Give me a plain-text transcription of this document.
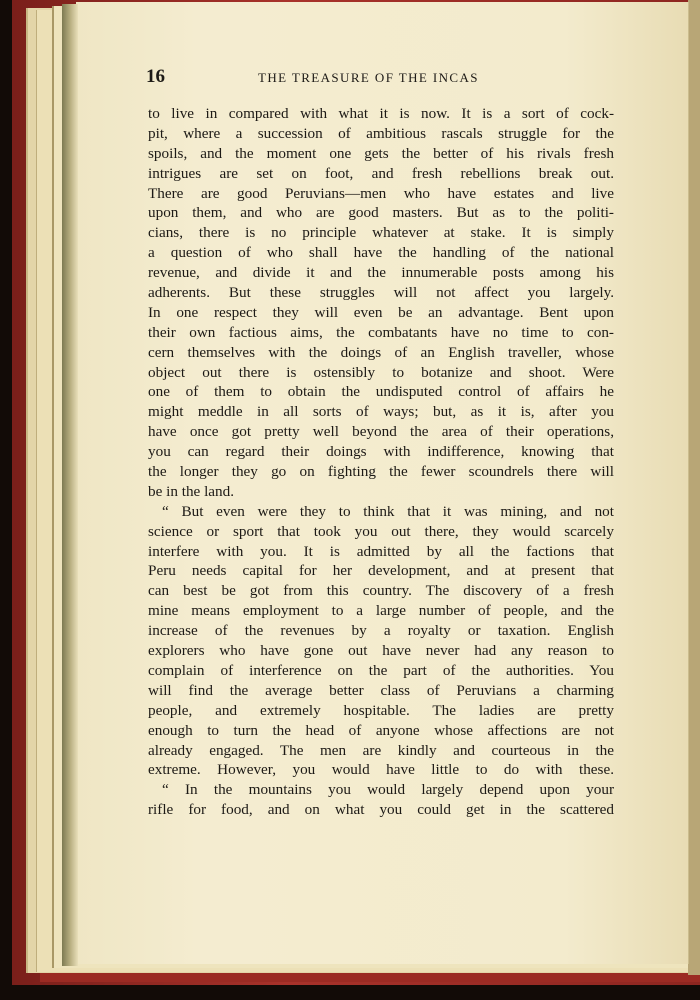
16	THE TREASURE OF THE INCAS
to live in compared with what it is now. It is a sort of cock-
pit, where a succession of ambitious rascals struggle for the
spoils, and the moment one gets the better of his rivals fresh
intrigues are set on foot, and fresh rebellions break out.
There are good Peruvians—men who have estates and live
upon them, and who are good masters. But as to the politi-
cians, there is no principle whatever at stake. It is simply
a question of who shall have the handling of the national
revenue, and divide it and the innumerable posts among his
adherents. But these struggles will not affect you largely.
In one respect they will even be an advantage. Bent upon
their own factious aims, the combatants have no time to con-
cern themselves with the doings of an English traveller, whose
object out there is ostensibly to botanize and shoot. Were
one of them to obtain the undisputed control of affairs he
might meddle in all sorts of ways; but, as it is, after you
have once got pretty well beyond the area of their operations,
you can regard their doings with indifference, knowing that
the longer they go on fighting the fewer scoundrels there will
be in the land.
“ But even were they to think that it was mining, and not
science or sport that took you out there, they would scarcely
interfere with you. It is admitted by all the factions that
Peru needs capital for her development, and at present that
can best be got from this country. The discovery of a fresh
mine means employment to a large number of people, and the
increase of the revenues by a royalty or taxation. English
explorers who have gone out have never had any reason to
complain of interference on the part of the authorities. You
will find the average better class of Peruvians a charming
people, and extremely hospitable. The ladies are pretty
enough to turn the head of anyone whose affections are not
already engaged. The men are kindly and courteous in the
extreme. However, you would have little to do with these.
“ In the mountains you would largely depend upon your
rifle for food, and on what you could get in the scattered
